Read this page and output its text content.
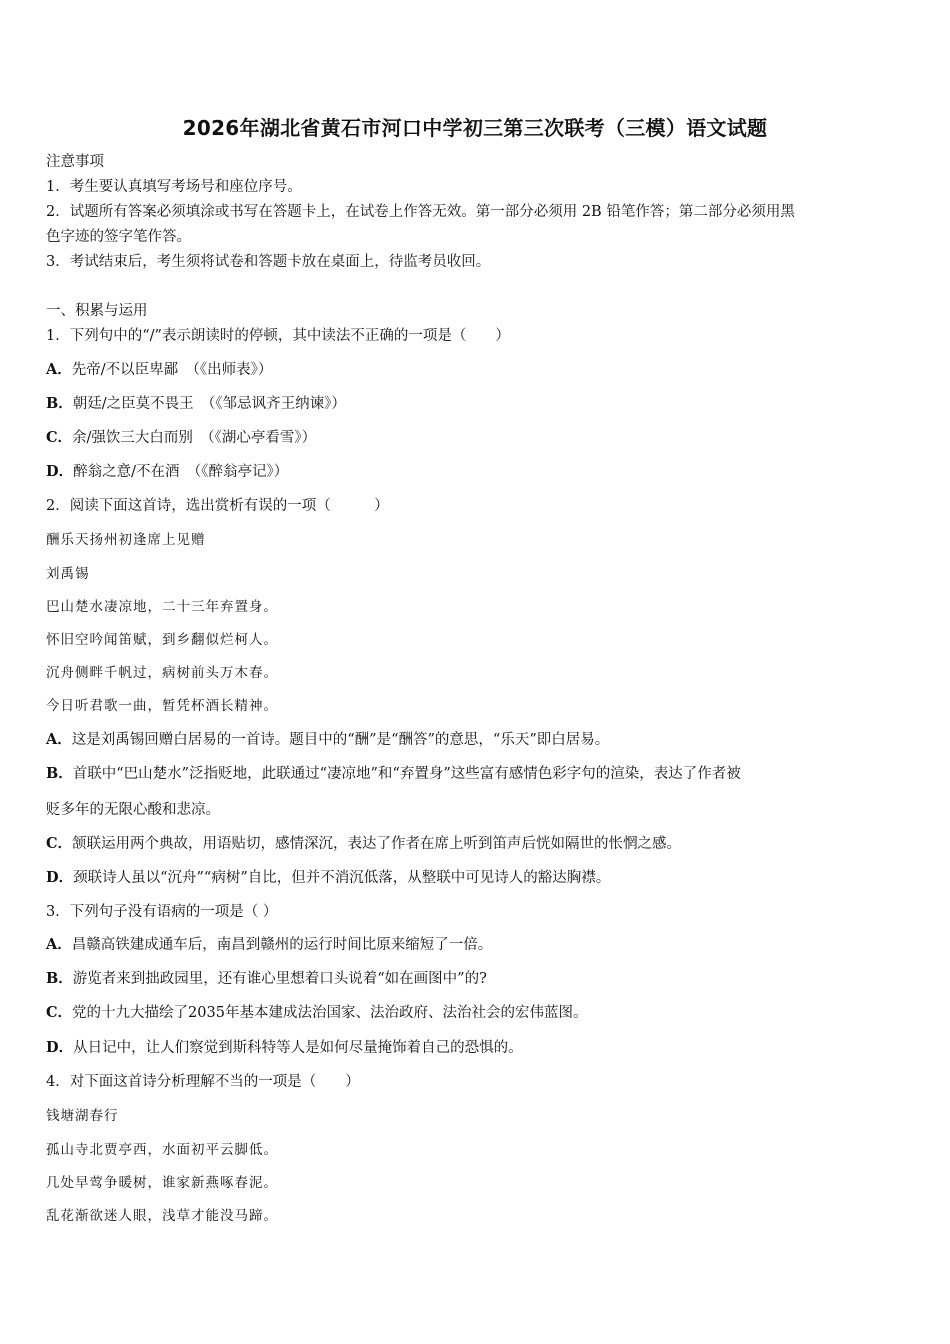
2026年湖北省黄石市河口中学初三第三次联考（三模）语文试题
注意事项
1．考生要认真填写考场号和座位序号。
2．试题所有答案必须填涂或书写在答题卡上，在试卷上作答无效。第一部分必须用 2B 铅笔作答；第二部分必须用黑
色字迹的签字笔作答。
3．考试结束后，考生须将试卷和答题卡放在桌面上，待监考员收回。
一、积累与运用
1．下列句中的“/”表示朗读时的停顿，其中读法不正确的一项是（　　）
A．先帝/不以臣卑鄙　（《出师表》）
B．朝廷/之臣莫不畏王　（《邹忌讽齐王纳谏》）
C．余/强饮三大白而别　（《湖心亭看雪》）
D．醉翁之意/不在酒　（《醉翁亭记》）
2．阅读下面这首诗，选出赏析有误的一项（　　　）
酬乐天扬州初逢席上见赠
刘禹锡
巴山楚水凄凉地，二十三年弃置身。
怀旧空吟闻笛赋，到乡翻似烂柯人。
沉舟侧畔千帆过，病树前头万木春。
今日听君歌一曲，暂凭杯酒长精神。
A．这是刘禹锡回赠白居易的一首诗。题目中的“酬”是“酬答”的意思，“乐天”即白居易。
B．首联中“巴山楚水”泛指贬地，此联通过“凄凉地”和“弃置身”这些富有感情色彩字句的渲染，表达了作者被
贬多年的无限心酸和悲凉。
C．颔联运用两个典故，用语贴切，感情深沉，表达了作者在席上听到笛声后恍如隔世的怅惘之感。
D．颈联诗人虽以“沉舟”“病树”自比，但并不消沉低落，从整联中可见诗人的豁达胸襟。
3．下列句子没有语病的一项是（ ）
A．昌赣高铁建成通车后，南昌到赣州的运行时间比原来缩短了一倍。
B．游览者来到拙政园里，还有谁心里想着口头说着“如在画图中”的?
C．党的十九大描绘了2035年基本建成法治国家、法治政府、法治社会的宏伟蓝图。
D．从日记中，让人们察觉到斯科特等人是如何尽量掩饰着自己的恐惧的。
4．对下面这首诗分析理解不当的一项是（　　）
钱塘湖春行
孤山寺北贾亭西，水面初平云脚低。
几处早莺争暖树，谁家新燕啄春泥。
乱花渐欲迷人眼，浅草才能没马蹄。
